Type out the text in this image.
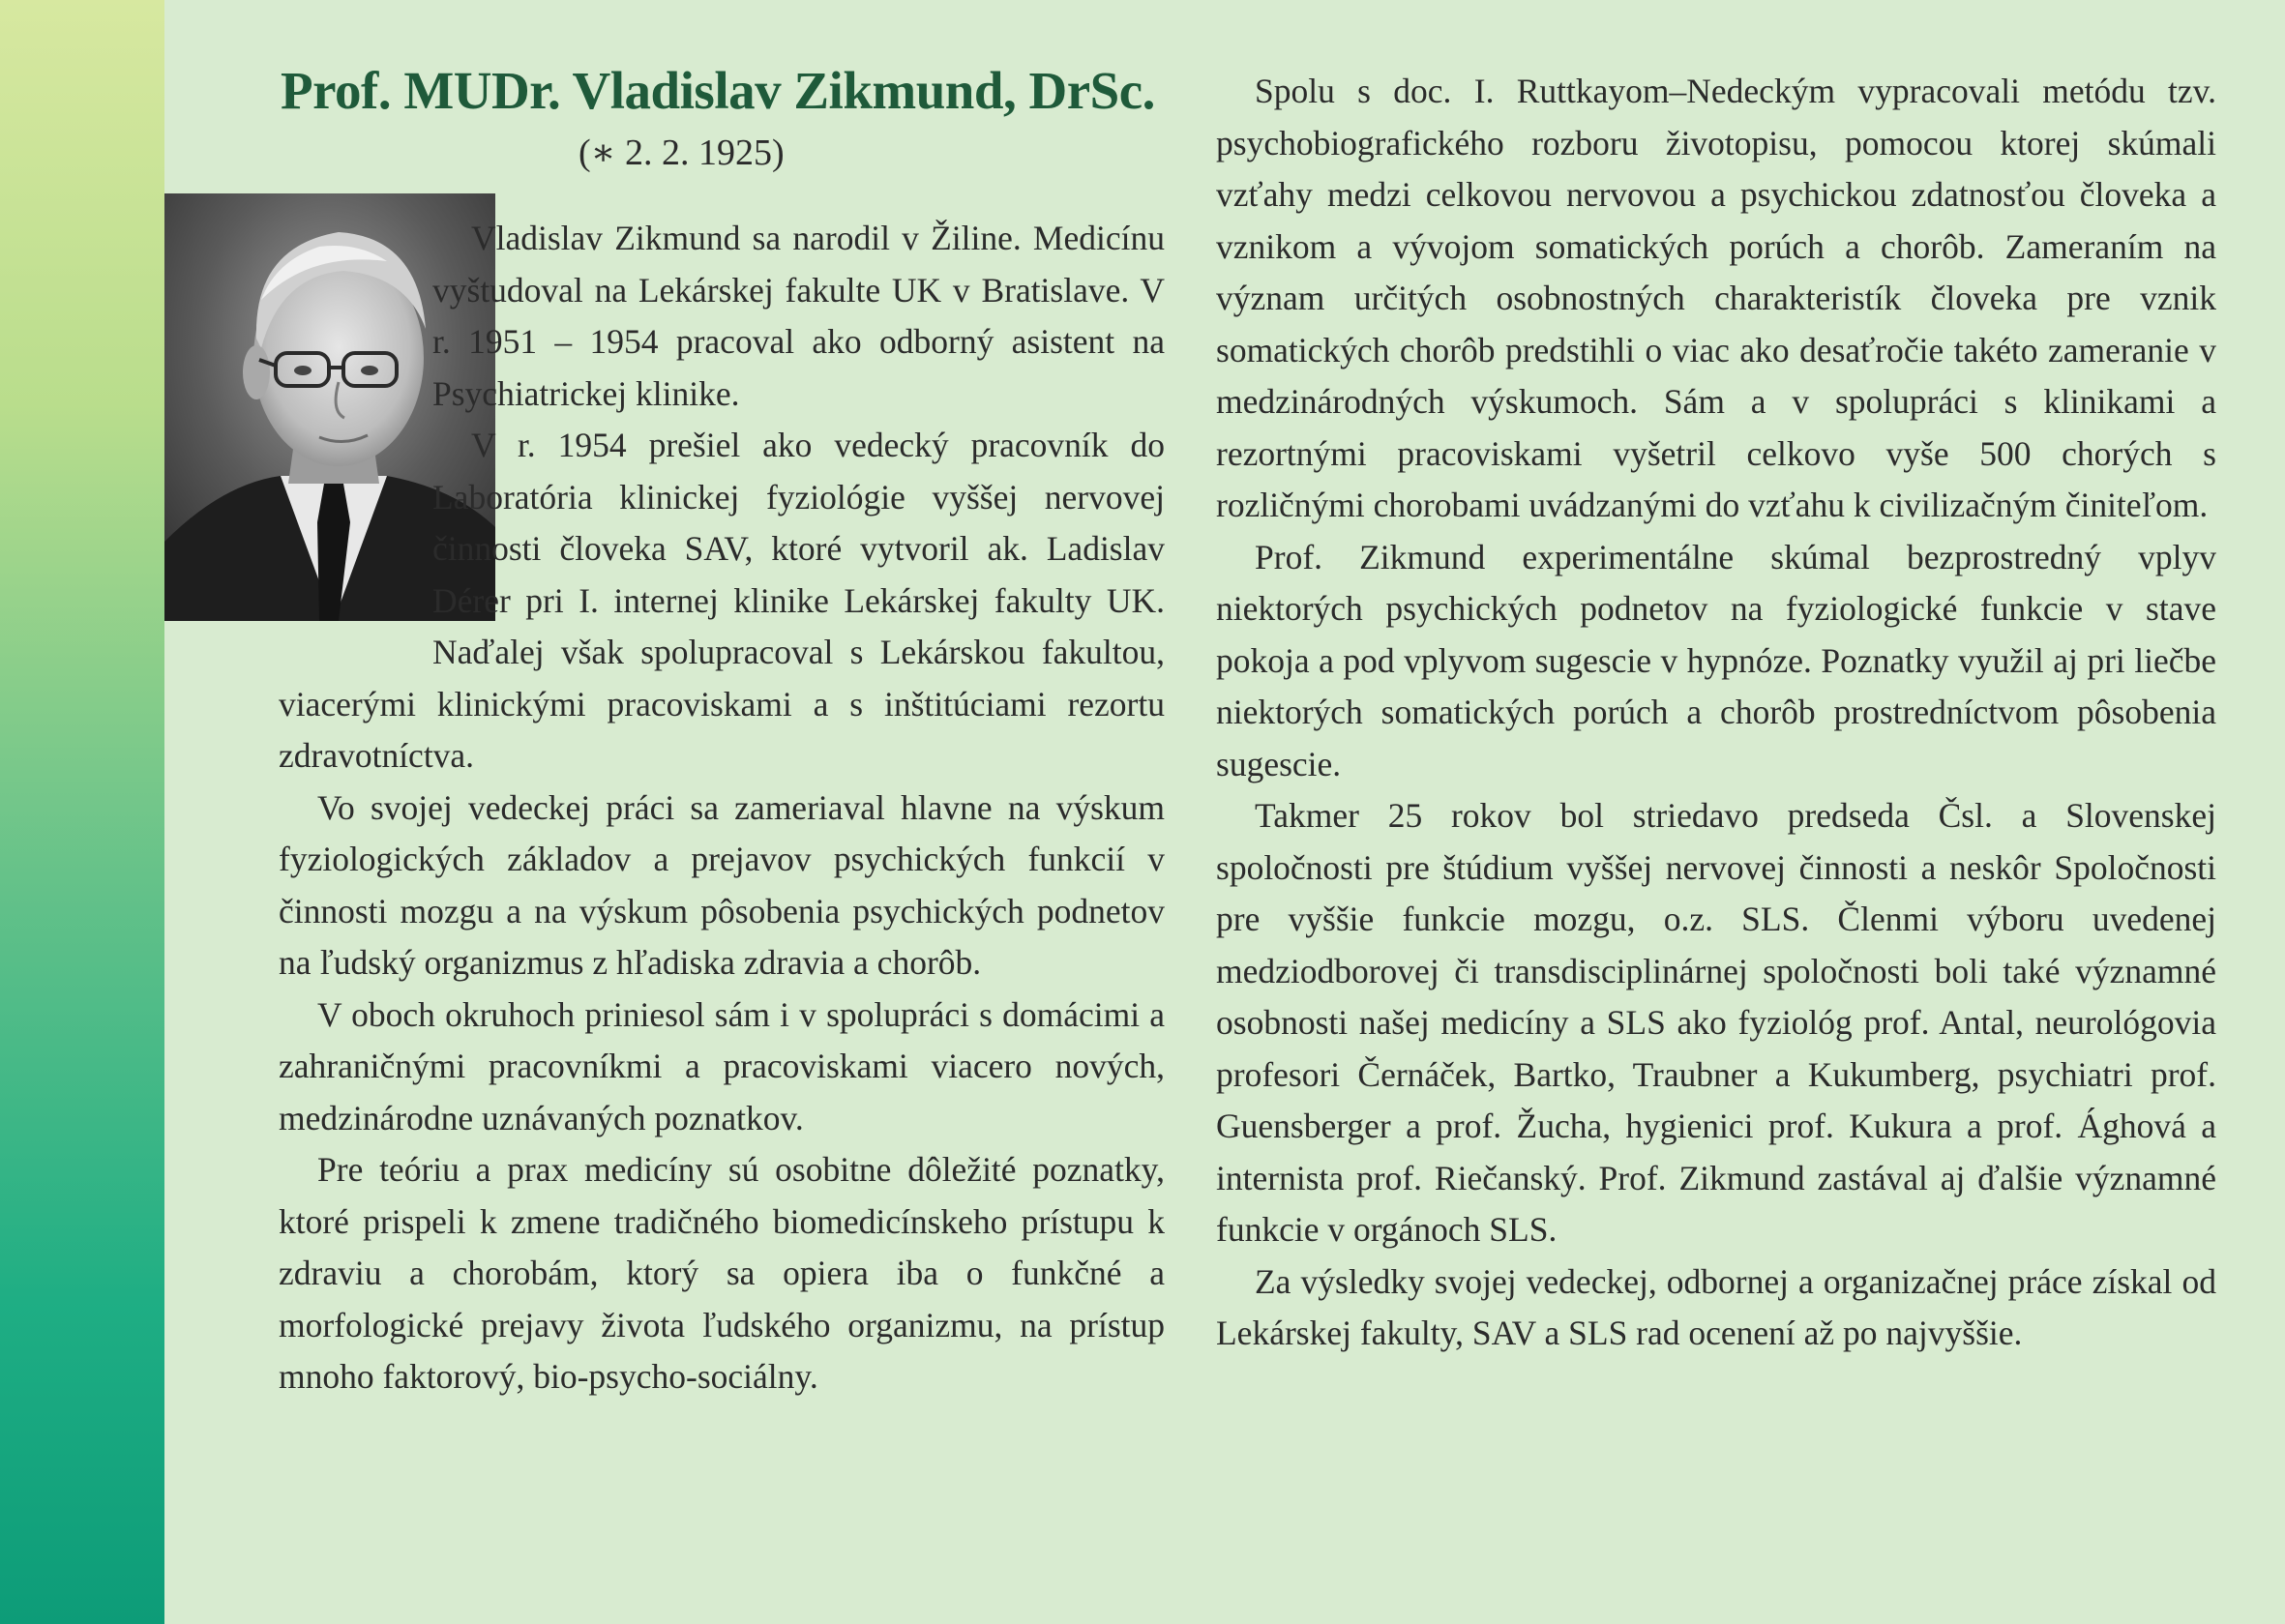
Prof. MUDr. Vladislav Zikmund, DrSc.
(∗ 2. 2. 1925)

Vladislav Zikmund sa narodil v Žiline. Medicínu vyštudoval na Lekárskej fakulte UK v Bratislave. V r. 1951 – 1954 pracoval ako odborný asistent na Psychiatrickej klinike.

V r. 1954 prešiel ako vedecký pracovník do Laboratória klinickej fyziológie vyššej nervovej činnosti človeka SAV, ktoré vytvoril ak. Ladislav Dérer pri I. internej klinike Lekárskej fakulty UK. Naďalej však spolupracoval s Lekárskou fakultou, viacerými klinickými pracoviskami a s inštitúciami rezortu zdravotníctva.

Vo svojej vedeckej práci sa zameriaval hlavne na výskum fyziologických základov a prejavov psychických funkcií v činnosti mozgu a na výskum pôsobenia psychických podnetov na ľudský organizmus z hľadiska zdravia a chorôb.

V oboch okruhoch priniesol sám i v spolupráci s domácimi a zahraničnými pracovníkmi a pracoviskami viacero nových, medzinárodne uznávaných poznatkov.

Pre teóriu a prax medicíny sú osobitne dôležité poznatky, ktoré prispeli k zmene tradičného biomedicínskeho prístupu k zdraviu a chorobám, ktorý sa opiera iba o funkčné a morfologické prejavy života ľudského organizmu, na prístup mnoho faktorový, bio-psycho-sociálny.

Spolu s doc. I. Ruttkayom–Nedeckým vypracovali metódu tzv. psychobiografického rozboru životopisu, pomocou ktorej skúmali vzťahy medzi celkovou nervovou a psychickou zdatnosťou človeka a vznikom a vývojom somatických porúch a chorôb. Zameraním na význam určitých osobnostných charakteristík človeka pre vznik somatických chorôb predstihli o viac ako desaťročie takéto zameranie v medzinárodných výskumoch. Sám a v spolupráci s klinikami a rezortnými pracoviskami vyšetril celkovo vyše 500 chorých s rozličnými chorobami uvádzanými do vzťahu k civilizačným činiteľom.

Prof. Zikmund experimentálne skúmal bezprostredný vplyv niektorých psychických podnetov na fyziologické funkcie v stave pokoja a pod vplyvom sugescie v hypnóze. Poznatky využil aj pri liečbe niektorých somatických porúch a chorôb prostredníctvom pôsobenia sugescie.

Takmer 25 rokov bol striedavo predseda Čsl. a Slovenskej spoločnosti pre štúdium vyššej nervovej činnosti a neskôr Spoločnosti pre vyššie funkcie mozgu, o.z. SLS. Členmi výboru uvedenej medziodborovej či transdisciplinárnej spoločnosti boli také významné osobnosti našej medicíny a SLS ako fyziológ prof. Antal, neurológovia profesori Černáček, Bartko, Traubner a Kukumberg, psychiatri prof. Guensberger a prof. Žucha, hygienici prof. Kukura a prof. Ághová a internista prof. Riečanský. Prof. Zikmund zastával aj ďalšie významné funkcie v orgánoch SLS.

Za výsledky svojej vedeckej, odbornej a organizačnej práce získal od Lekárskej fakulty, SAV a SLS rad ocenení až po najvyššie.
